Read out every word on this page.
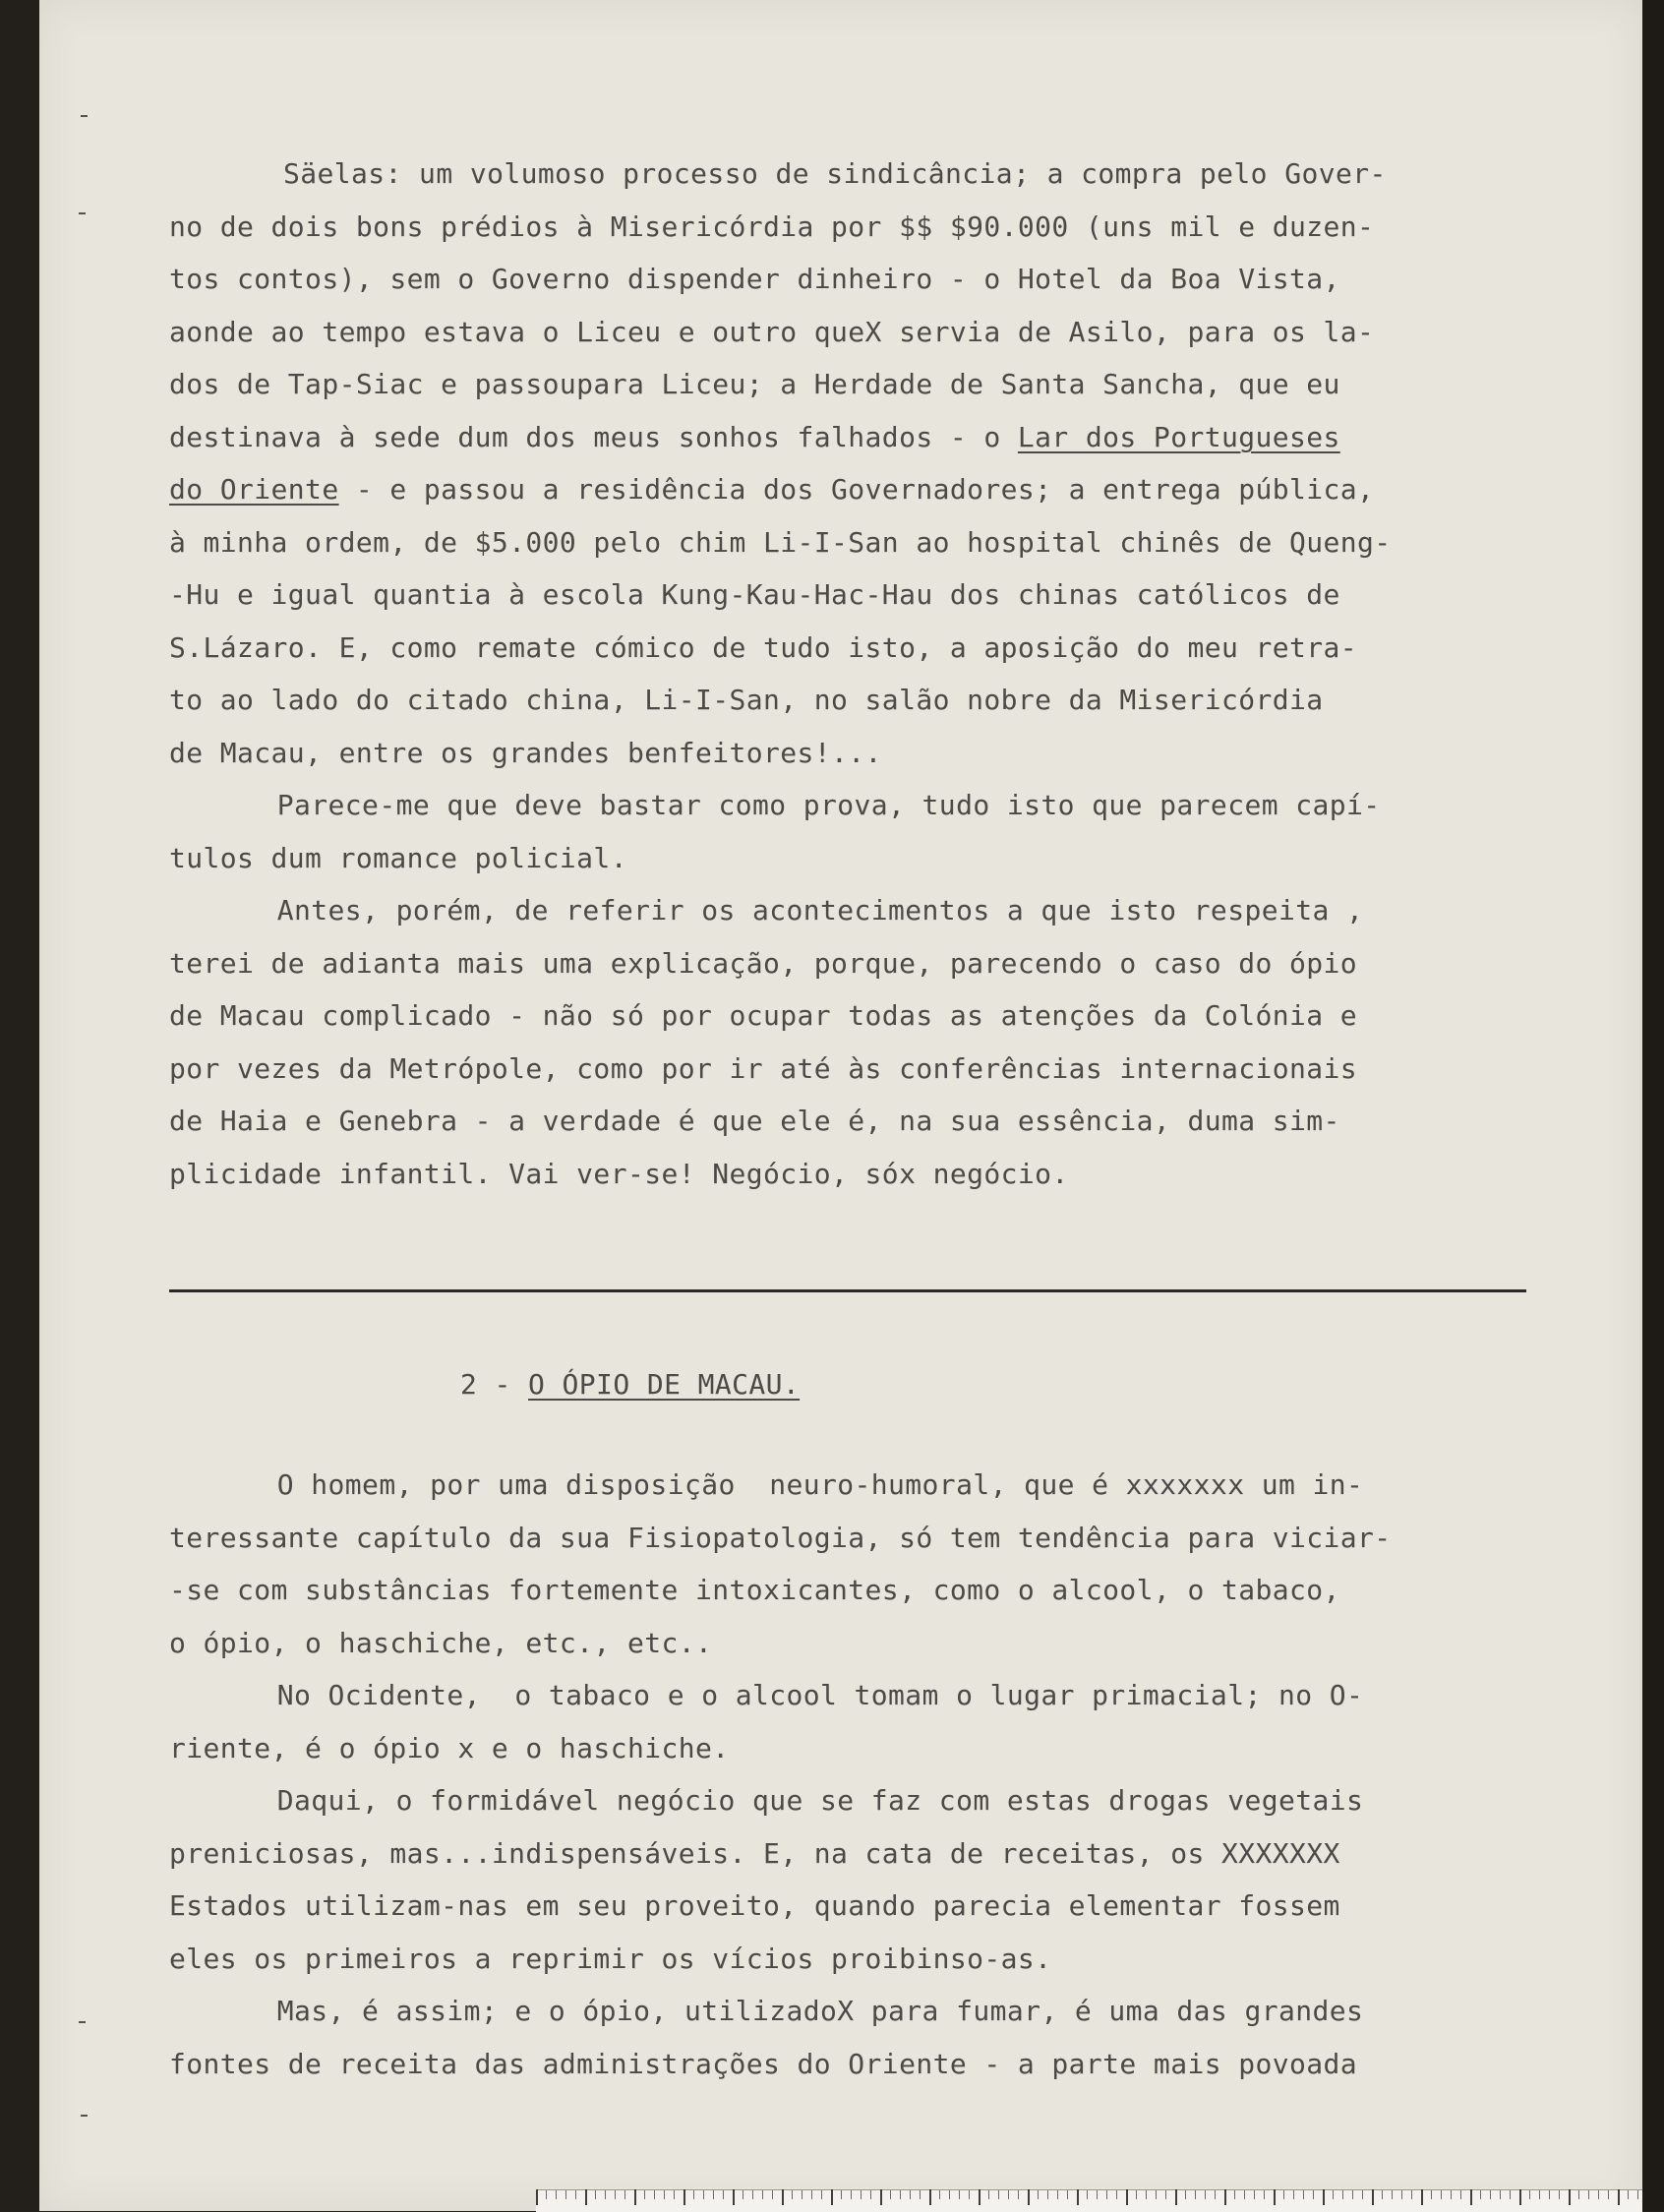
Säelas: um volumoso processo de sindicância; a compra pelo Gover-
no de dois bons prédios à Misericórdia por $$ $90.000 (uns mil e duzen-
tos contos), sem o Governo dispender dinheiro - o Hotel da Boa Vista,
aonde ao tempo estava o Liceu e outro queX servia de Asilo, para os la-
dos de Tap-Siac e passoupara Liceu; a Herdade de Santa Sancha, que eu
destinava à sede dum dos meus sonhos falhados - o Lar dos Portugueses
do Oriente - e passou a residência dos Governadores; a entrega pública,
à minha ordem, de $5.000 pelo chim Li-I-San ao hospital chinês de Queng-
-Hu e igual quantia à escola Kung-Kau-Hac-Hau dos chinas católicos de
S.Lázaro. E, como remate cómico de tudo isto, a aposição do meu retra-
to ao lado do citado china, Li-I-San, no salão nobre da Misericórdia
de Macau, entre os grandes benfeitores!...
Parece-me que deve bastar como prova, tudo isto que parecem capí-
tulos dum romance policial.
Antes, porém, de referir os acontecimentos a que isto respeita ,
terei de adianta mais uma explicação, porque, parecendo o caso do ópio
de Macau complicado - não só por ocupar todas as atenções da Colónia e
por vezes da Metrópole, como por ir até às conferências internacionais
de Haia e Genebra - a verdade é que ele é, na sua essência, duma sim-
plicidade infantil. Vai ver-se! Negócio, sóx negócio.
2 - O ÓPIO DE MACAU.
O homem, por uma disposição  neuro-humoral, que é xxxxxxx um in-
teressante capítulo da sua Fisiopatologia, só tem tendência para viciar-
-se com substâncias fortemente intoxicantes, como o alcool, o tabaco,
o ópio, o haschiche, etc., etc..
No Ocidente,  o tabaco e o alcool tomam o lugar primacial; no O-
riente, é o ópio x e o haschiche.
Daqui, o formidável negócio que se faz com estas drogas vegetais
preniciosas, mas...indispensáveis. E, na cata de receitas, os XXXXXXX
Estados utilizam-nas em seu proveito, quando parecia elementar fossem
eles os primeiros a reprimir os vícios proibinso-as.
Mas, é assim; e o ópio, utilizadoX para fumar, é uma das grandes
fontes de receita das administrações do Oriente - a parte mais povoada
